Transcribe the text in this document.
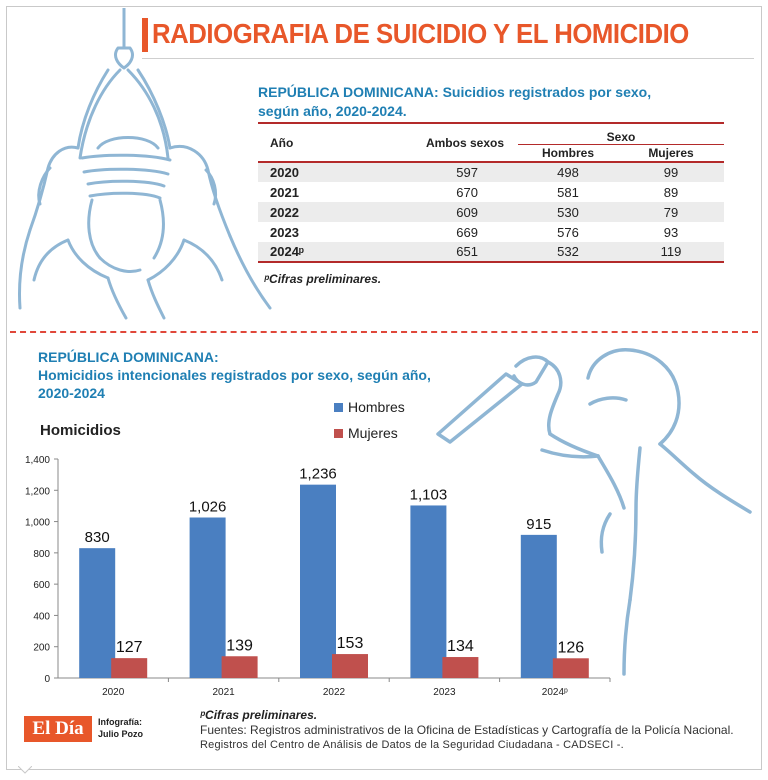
RADIOGRAFIA DE SUICIDIO Y EL HOMICIDIO
REPÚBLICA DOMINICANA: Suicidios registrados por sexo,
según año, 2020-2024.

Año	Ambos sexos	Sexo	
		Hombres	Mujeres
2020	597	498	99
2021	670	581	89
2022	609	530	79
2023	669	576	93
2024ᵖ	651	532	119
ᵖCifras preliminares.
REPÚBLICA DOMINICANA:
Homicidios intencionales registrados por sexo, según año,
2020-2024
Hombres
Mujeres
Homicidios
0
200
400
600
800
1,000
1,200
1,400
2020
830
127
2021
1,026
139
2022
1,236
153
2023
1,103
134
2024ᵖ
915
126
El Día	Infografía:
Julio Pozo
ᵖCifras preliminares.
Fuentes: Registros administrativos de la Oficina de Estadísticas y Cartografía de la Policía Nacional.
Registros del Centro de Análisis de Datos de la Seguridad Ciudadana - CADSECI -.
